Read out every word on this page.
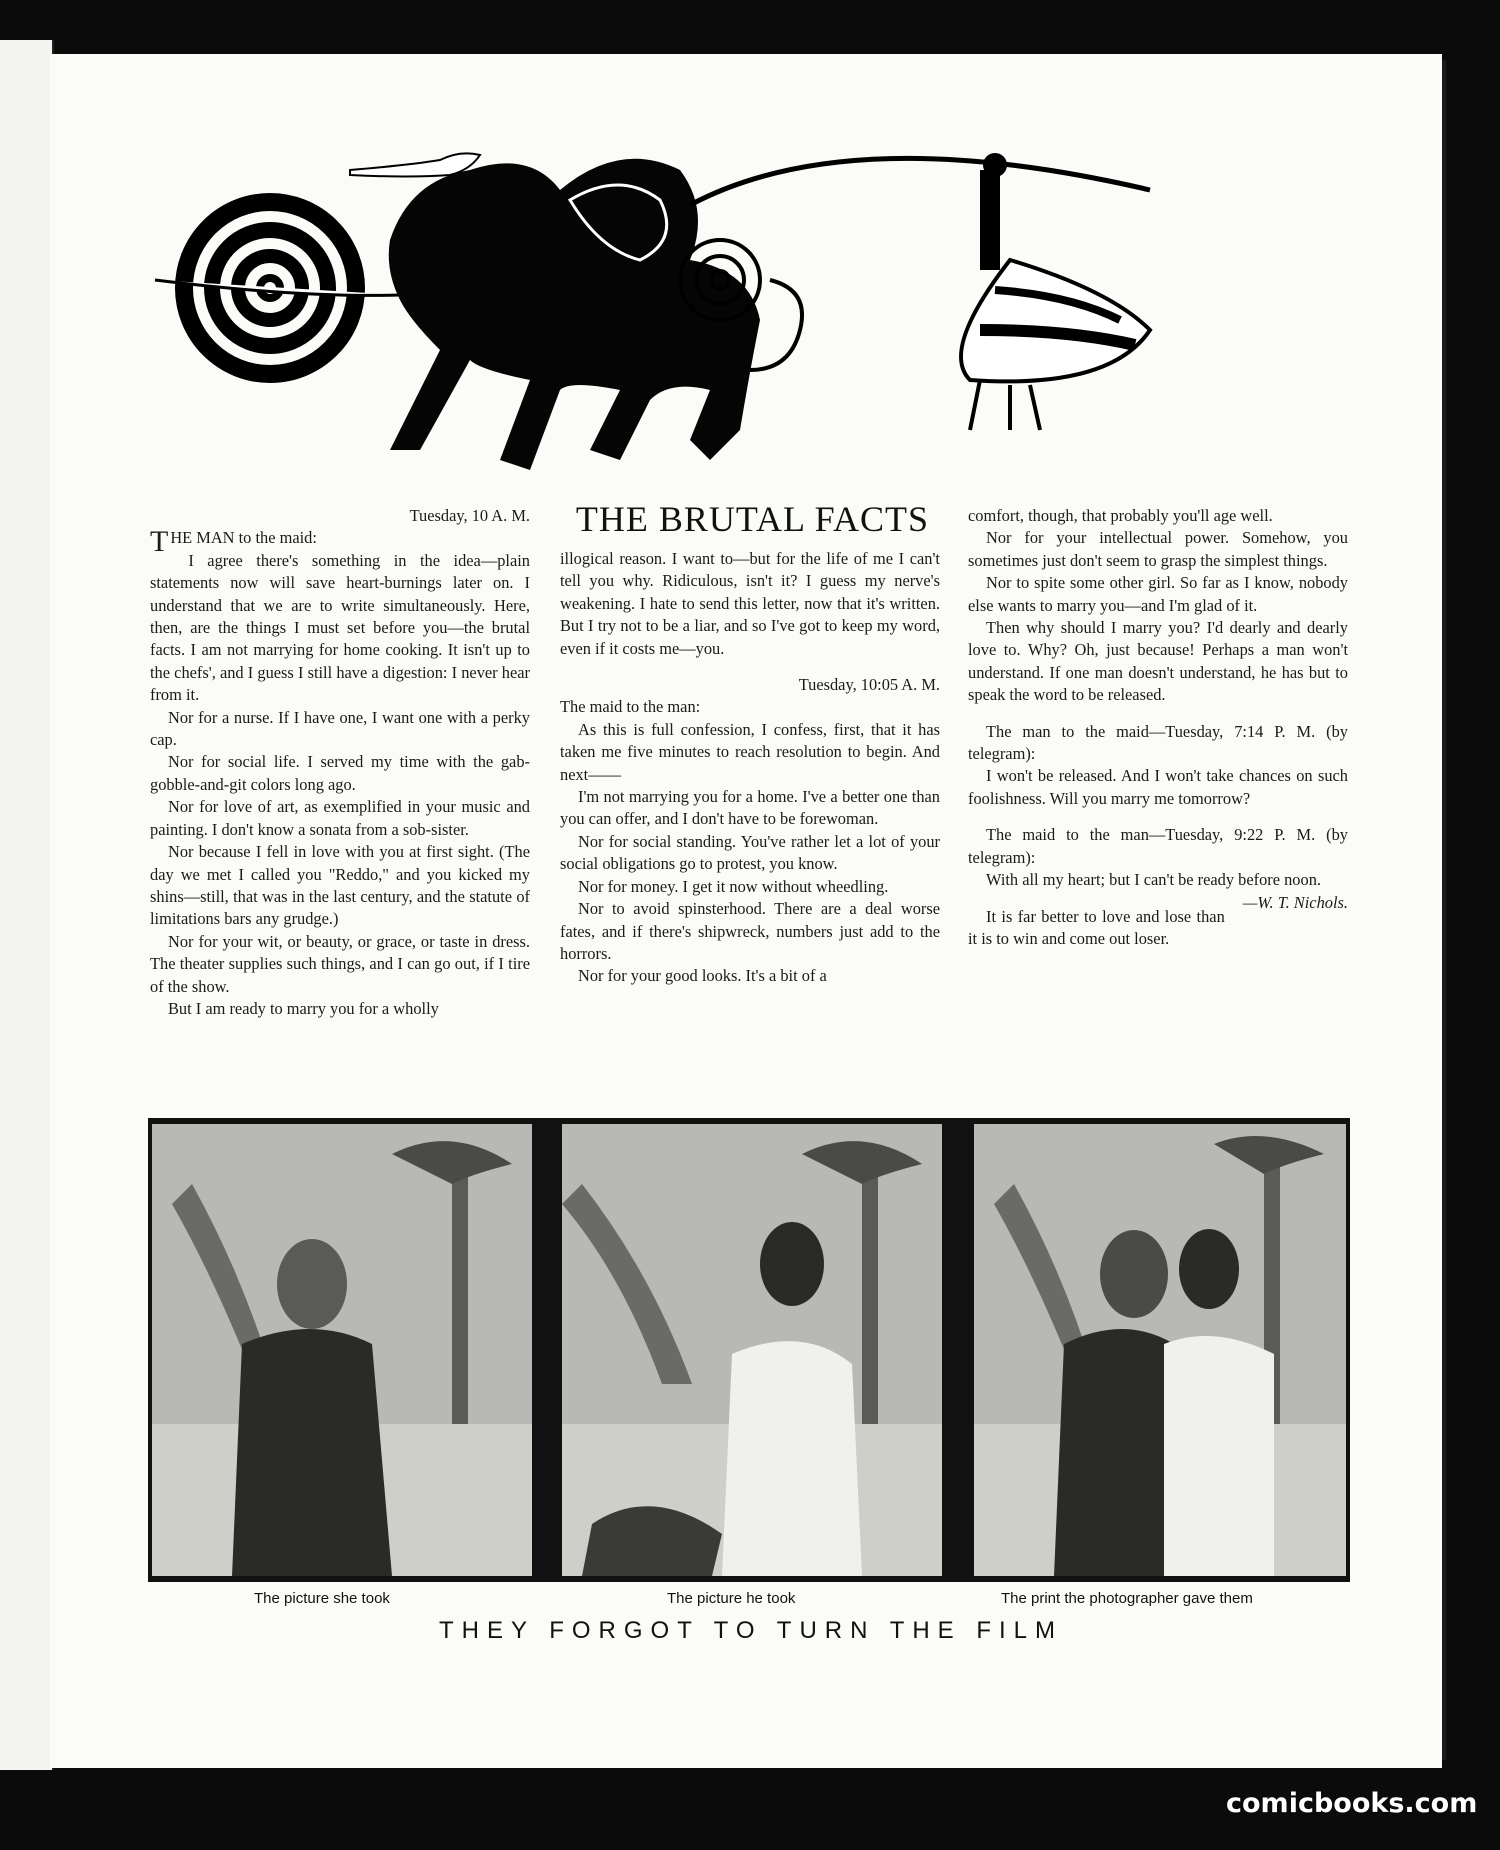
THE BRUTAL FACTS

Tuesday, 10 A. M.

THE MAN to the maid:

I agree there's something in the idea—plain statements now will save heart-burnings later on. I understand that we are to write simultaneously. Here, then, are the things I must set before you—the brutal facts. I am not marrying for home cooking. It isn't up to the chefs', and I guess I still have a digestion: I never hear from it.

Nor for a nurse. If I have one, I want one with a perky cap.

Nor for social life. I served my time with the gab-gobble-and-git colors long ago.

Nor for love of art, as exemplified in your music and painting. I don't know a sonata from a sob-sister.

Nor because I fell in love with you at first sight. (The day we met I called you "Reddo," and you kicked my shins—still, that was in the last century, and the statute of limitations bars any grudge.)

Nor for your wit, or beauty, or grace, or taste in dress. The theater supplies such things, and I can go out, if I tire of the show.

But I am ready to marry you for a wholly

illogical reason. I want to—but for the life of me I can't tell you why. Ridiculous, isn't it? I guess my nerve's weakening. I hate to send this letter, now that it's written. But I try not to be a liar, and so I've got to keep my word, even if it costs me—you.

Tuesday, 10:05 A. M.

The maid to the man:

As this is full confession, I confess, first, that it has taken me five minutes to reach resolution to begin. And next——

I'm not marrying you for a home. I've a better one than you can offer, and I don't have to be forewoman.

Nor for social standing. You've rather let a lot of your social obligations go to protest, you know.

Nor for money. I get it now without wheedling.

Nor to avoid spinsterhood. There are a deal worse fates, and if there's shipwreck, numbers just add to the horrors.

Nor for your good looks. It's a bit of a

comfort, though, that probably you'll age well.

Nor for your intellectual power. Somehow, you sometimes just don't seem to grasp the simplest things.

Nor to spite some other girl. So far as I know, nobody else wants to marry you—and I'm glad of it.

Then why should I marry you? I'd dearly and dearly love to. Why? Oh, just because! Perhaps a man won't understand. If one man doesn't understand, he has but to speak the word to be released.

The man to the maid—Tuesday, 7:14 P. M. (by telegram):

I won't be released. And I won't take chances on such foolishness. Will you marry me tomorrow?

The maid to the man—Tuesday, 9:22 P. M. (by telegram):

With all my heart; but I can't be ready before noon.
—W. T. Nichols.

It is far better to love and lose than it is to win and come out loser.

The picture she took	The picture he took	The print the photographer gave them
THEY FORGOT TO TURN THE FILM
comicbooks.com
